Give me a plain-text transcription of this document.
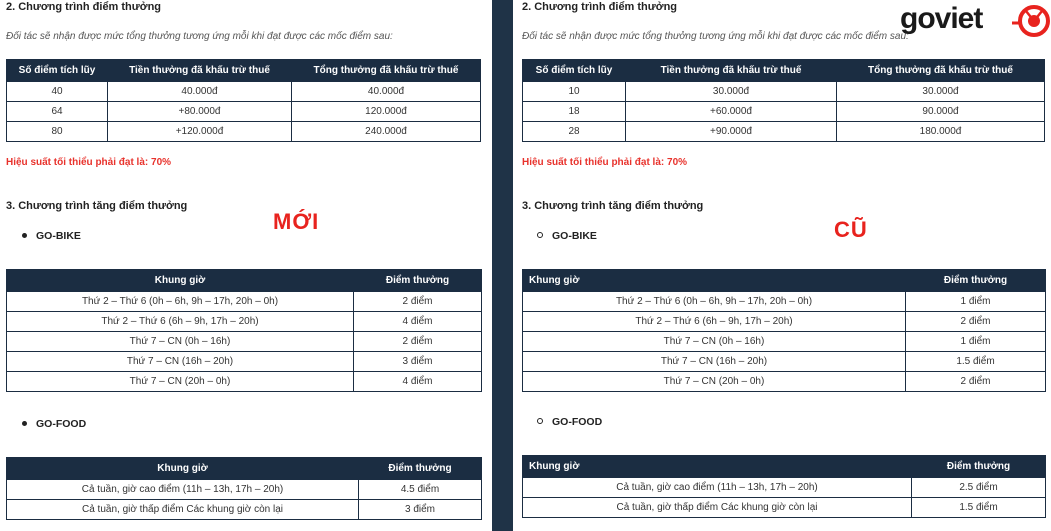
2. Chương trình điểm thưởng
Đối tác sẽ nhận được mức tổng thưởng tương ứng mỗi khi đạt được các mốc điểm sau:
Số điểm tích lũy	Tiền thưởng đã khấu trừ thuế	Tổng thưởng đã khấu trừ thuế
40	40.000đ	40.000đ
64	+80.000đ	120.000đ
80	+120.000đ	240.000đ
Hiệu suất tối thiểu phải đạt là: 70%
3. Chương trình tăng điểm thưởng
MỚI
GO-BIKE
Khung giờ	Điểm thưởng
Thứ 2 – Thứ 6 (0h – 6h, 9h – 17h, 20h – 0h)	2 điểm
Thứ 2 – Thứ 6 (6h – 9h, 17h – 20h)	4 điểm
Thứ 7 – CN (0h – 16h)	2 điểm
Thứ 7 – CN (16h – 20h)	3 điểm
Thứ 7 – CN (20h – 0h)	4 điểm
GO-FOOD
Khung giờ	Điểm thưởng
Cả tuần, giờ cao điểm (11h – 13h, 17h – 20h)	4.5 điểm
Cả tuần, giờ thấp điểm Các khung giờ còn lại	3 điểm
2. Chương trình điểm thưởng
Đối tác sẽ nhận được mức tổng thưởng tương ứng mỗi khi đạt được các mốc điểm sau:
Số điểm tích lũy	Tiền thưởng đã khấu trừ thuế	Tổng thưởng đã khấu trừ thuế
10	30.000đ	30.000đ
18	+60.000đ	90.000đ
28	+90.000đ	180.000đ
Hiệu suất tối thiểu phải đạt là: 70%
3. Chương trình tăng điểm thưởng
CŨ
GO-BIKE
Khung giờ	Điểm thưởng
Thứ 2 – Thứ 6 (0h – 6h, 9h – 17h, 20h – 0h)	1 điểm
Thứ 2 – Thứ 6 (6h – 9h, 17h – 20h)	2 điểm
Thứ 7 – CN (0h – 16h)	1 điểm
Thứ 7 – CN (16h – 20h)	1.5 điểm
Thứ 7 – CN (20h – 0h)	2 điểm
GO-FOOD
Khung giờ	Điểm thưởng
Cả tuần, giờ cao điểm (11h – 13h, 17h – 20h)	2.5 điểm
Cả tuần, giờ thấp điểm Các khung giờ còn lại	1.5 điểm
goviet
